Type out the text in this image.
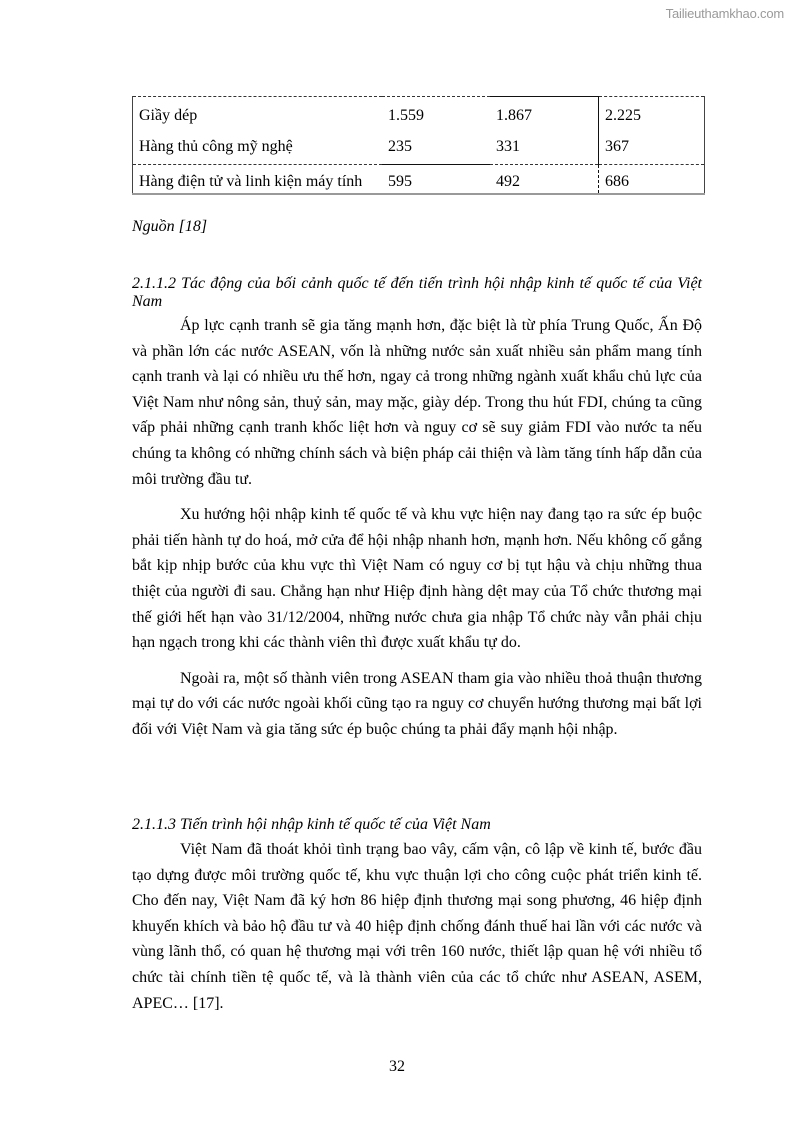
Tailieuthamkhao.com
Giầy dép	1.559	1.867	2.225
Hàng thủ công mỹ nghệ	235	331	367

Hàng điện tử và linh kiện máy tính	595	492	686
Nguồn [18]
2.1.1.2 Tác động của bối cảnh quốc tế đến tiến trình hội nhập kinh tế quốc tế của Việt Nam
Áp lực cạnh tranh sẽ gia tăng mạnh hơn, đặc biệt là từ phía Trung Quốc, Ấn Độ và phần lớn các nước ASEAN, vốn là những nước sản xuất nhiều sản phẩm mang tính cạnh tranh và lại có nhiều ưu thế hơn, ngay cả trong những ngành xuất khẩu chủ lực của Việt Nam như nông sản, thuỷ sản, may mặc, giày dép. Trong thu hút FDI, chúng ta cũng vấp phải những cạnh tranh khốc liệt hơn và nguy cơ sẽ suy giảm FDI vào nước ta nếu chúng ta không có những chính sách và biện pháp cải thiện và làm tăng tính hấp dẫn của môi trường đầu tư.
Xu hướng hội nhập kinh tế quốc tế và khu vực hiện nay đang tạo ra sức ép buộc phải tiến hành tự do hoá, mở cửa để hội nhập nhanh hơn, mạnh hơn. Nếu không cố gắng bắt kịp nhịp bước của khu vực thì Việt Nam có nguy cơ bị tụt hậu và chịu những thua thiệt của người đi sau. Chẳng hạn như Hiệp định hàng dệt may của Tổ chức thương mại thế giới hết hạn vào 31/12/2004, những nước chưa gia nhập Tổ chức này vẫn phải chịu hạn ngạch trong khi các thành viên thì được xuất khẩu tự do.
Ngoài ra, một số thành viên trong ASEAN tham gia vào nhiều thoả thuận thương mại tự do với các nước ngoài khối cũng tạo ra nguy cơ chuyển hướng thương mại bất lợi đối với Việt Nam và gia tăng sức ép buộc chúng ta phải đẩy mạnh hội nhập.
2.1.1.3 Tiến trình hội nhập kinh tế quốc tế của Việt Nam
Việt Nam đã thoát khỏi tình trạng bao vây, cấm vận, cô lập về kinh tế, bước đầu tạo dựng được môi trường quốc tế, khu vực thuận lợi cho công cuộc phát triển kinh tế. Cho đến nay, Việt Nam đã ký hơn 86 hiệp định thương mại song phương, 46 hiệp định khuyến khích và bảo hộ đầu tư và 40 hiệp định chống đánh thuế hai lần với các nước và vùng lãnh thổ, có quan hệ thương mại với trên 160 nước, thiết lập quan hệ với nhiều tổ chức tài chính tiền tệ quốc tế, và là thành viên của các tổ chức như ASEAN, ASEM, APEC… [17].
32
